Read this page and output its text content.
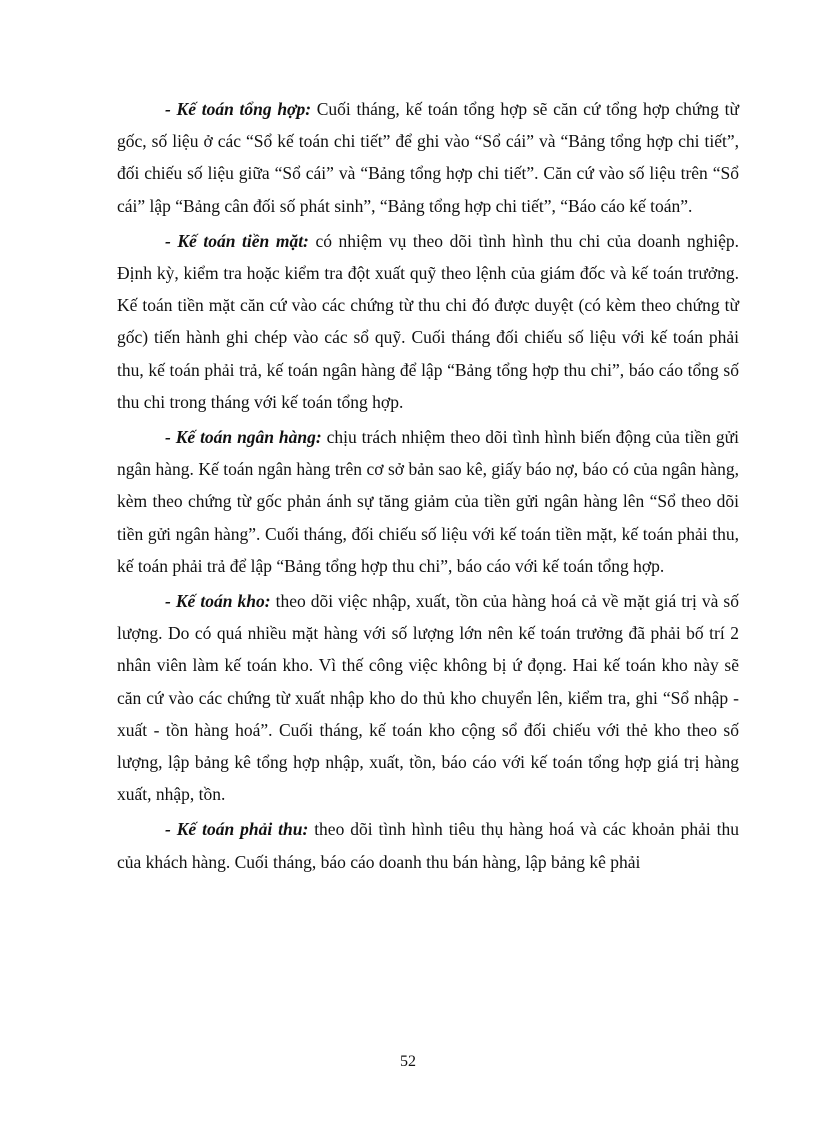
- Kế toán tổng hợp: Cuối tháng, kế toán tổng hợp sẽ căn cứ tổng hợp chứng từ gốc, số liệu ở các “Sổ kế toán chi tiết” để ghi vào “Sổ cái” và “Bảng tổng hợp chi tiết”, đối chiếu số liệu giữa “Sổ cái” và “Bảng tổng hợp chi tiết”. Căn cứ vào số liệu trên “Sổ cái” lập “Bảng cân đối số phát sinh”, “Bảng tổng hợp chi tiết”, “Báo cáo kế toán”.

- Kế toán tiền mặt: có nhiệm vụ theo dõi tình hình thu chi của doanh nghiệp. Định kỳ, kiểm tra hoặc kiểm tra đột xuất quỹ theo lệnh của giám đốc và kế toán trưởng. Kế toán tiền mặt căn cứ vào các chứng từ thu chi đó được duyệt (có kèm theo chứng từ gốc) tiến hành ghi chép vào các sổ quỹ. Cuối tháng đối chiếu số liệu với kế toán phải thu, kế toán phải trả, kế toán ngân hàng để lập “Bảng tổng hợp thu chi”, báo cáo tổng số thu chi trong tháng với kế toán tổng hợp.

- Kế toán ngân hàng: chịu trách nhiệm theo dõi tình hình biến động của tiền gửi ngân hàng. Kế toán ngân hàng trên cơ sở bản sao kê, giấy báo nợ, báo có của ngân hàng, kèm theo chứng từ gốc phản ánh sự tăng giảm của tiền gửi ngân hàng lên “Sổ theo dõi tiền gửi ngân hàng”. Cuối tháng, đối chiếu số liệu với kế toán tiền mặt, kế toán phải thu, kế toán phải trả để lập “Bảng tổng hợp thu chi”, báo cáo với kế toán tổng hợp.

- Kế toán kho: theo dõi việc nhập, xuất, tồn của hàng hoá cả về mặt giá trị và số lượng. Do có quá nhiều mặt hàng với số lượng lớn nên kế toán trưởng đã phải bố trí 2 nhân viên làm kế toán kho. Vì thế công việc không bị ứ đọng. Hai kế toán kho này sẽ căn cứ vào các chứng từ xuất nhập kho do thủ kho chuyển lên, kiểm tra, ghi “Sổ nhập - xuất - tồn hàng hoá”. Cuối tháng, kế toán kho cộng sổ đối chiếu với thẻ kho theo số lượng, lập bảng kê tổng hợp nhập, xuất, tồn, báo cáo với kế toán tổng hợp giá trị hàng xuất, nhập, tồn.

- Kế toán phải thu: theo dõi tình hình tiêu thụ hàng hoá và các khoản phải thu của khách hàng. Cuối tháng, báo cáo doanh thu bán hàng, lập bảng kê phải

52
